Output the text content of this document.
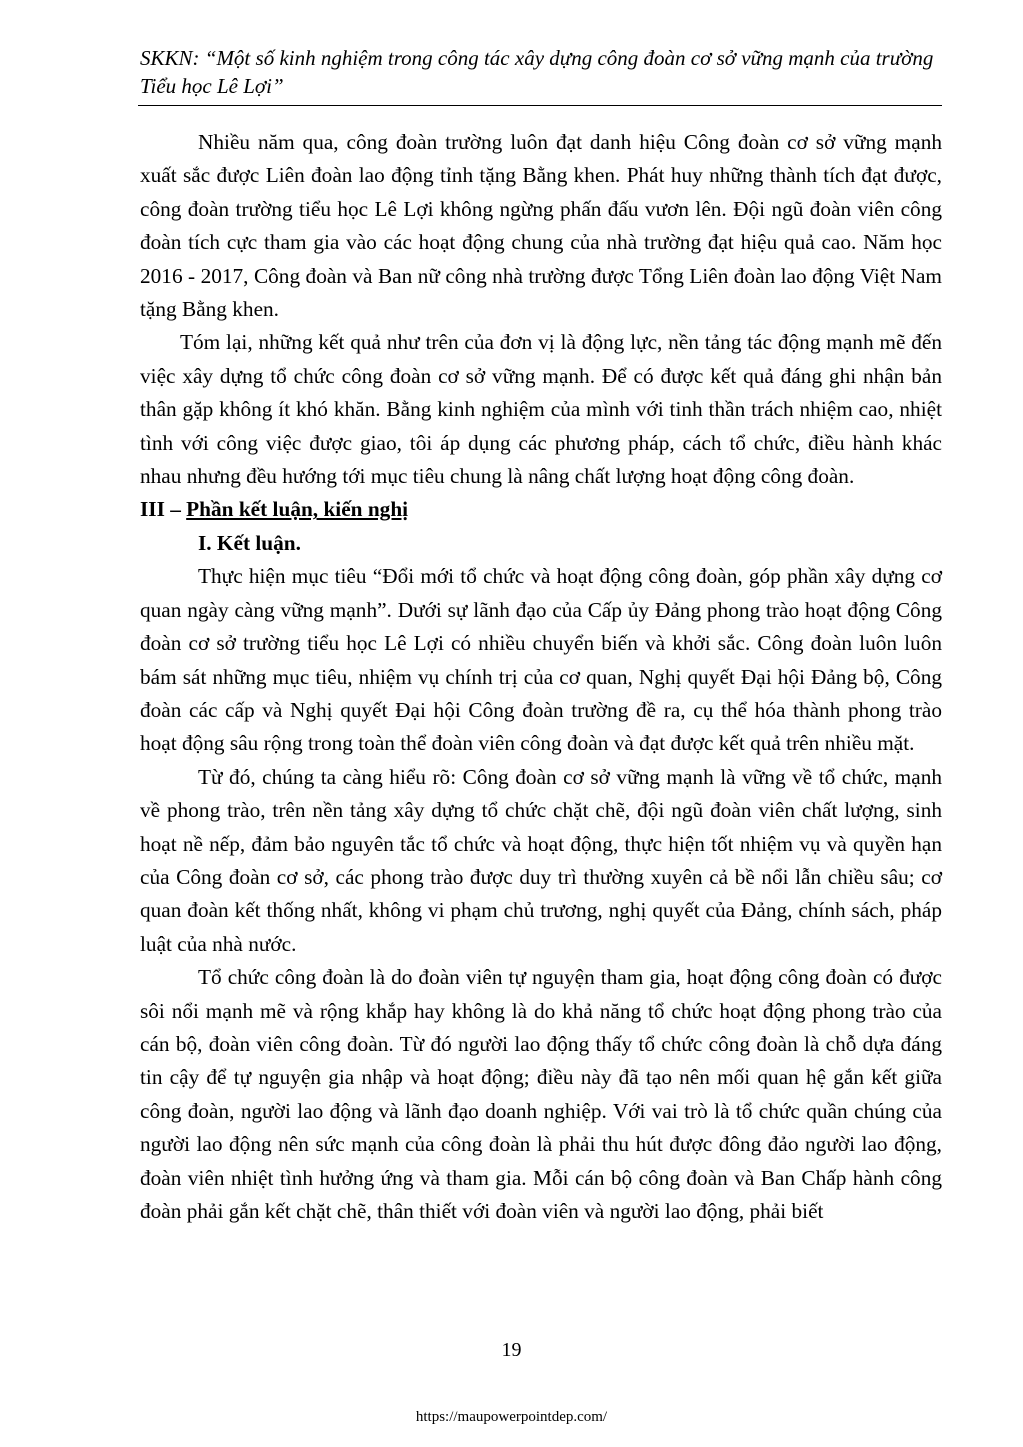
SKKN: “Một số kinh nghiệm trong công tác xây dựng công đoàn cơ sở vững mạnh của trường Tiểu học Lê Lợi”

Nhiều năm qua, công đoàn trường luôn đạt danh hiệu Công đoàn cơ sở vững mạnh xuất sắc được Liên đoàn lao động tỉnh tặng Bằng khen. Phát huy những thành tích đạt được, công đoàn trường tiểu học Lê Lợi không ngừng phấn đấu vươn lên. Đội ngũ đoàn viên công đoàn tích cực tham gia vào các hoạt động chung của nhà trường đạt hiệu quả cao. Năm học 2016 - 2017, Công đoàn và Ban nữ công nhà trường được Tổng Liên đoàn lao động Việt Nam tặng Bằng khen.

Tóm lại, những kết quả như trên của đơn vị là động lực, nền tảng tác động mạnh mẽ đến việc xây dựng tổ chức công đoàn cơ sở vững mạnh. Để có được kết quả đáng ghi nhận bản thân gặp không ít khó khăn. Bằng kinh nghiệm của mình với tinh thần trách nhiệm cao, nhiệt tình với công việc được giao, tôi áp dụng các phương pháp, cách tổ chức, điều hành khác nhau nhưng đều hướng tới mục tiêu chung là nâng chất lượng hoạt động công đoàn.

III – Phần kết luận, kiến nghị

I. Kết luận.

Thực hiện mục tiêu “Đổi mới tổ chức và hoạt động công đoàn, góp phần xây dựng cơ quan ngày càng vững mạnh”. Dưới sự lãnh đạo của Cấp ủy Đảng phong trào hoạt động Công đoàn cơ sở trường tiểu học Lê Lợi có nhiều chuyển biến và khởi sắc. Công đoàn luôn luôn bám sát những mục tiêu, nhiệm vụ chính trị của cơ quan, Nghị quyết Đại hội Đảng bộ, Công đoàn các cấp và Nghị quyết Đại hội Công đoàn trường đề ra, cụ thể hóa thành phong trào hoạt động sâu rộng trong toàn thể đoàn viên công đoàn và đạt được kết quả trên nhiều mặt.

Từ đó, chúng ta càng hiểu rõ: Công đoàn cơ sở vững mạnh là vững về tổ chức, mạnh về phong trào, trên nền tảng xây dựng tổ chức chặt chẽ, đội ngũ đoàn viên chất lượng, sinh hoạt nề nếp, đảm bảo nguyên tắc tổ chức và hoạt động, thực hiện tốt nhiệm vụ và quyền hạn của Công đoàn cơ sở, các phong trào được duy trì thường xuyên cả bề nổi lẫn chiều sâu; cơ quan đoàn kết thống nhất, không vi phạm chủ trương, nghị quyết của Đảng, chính sách, pháp luật của nhà nước.

Tổ chức công đoàn là do đoàn viên tự nguyện tham gia, hoạt động công đoàn có được sôi nổi mạnh mẽ và rộng khắp hay không là do khả năng tổ chức hoạt động phong trào của cán bộ, đoàn viên công đoàn. Từ đó người lao động thấy tổ chức công đoàn là chỗ dựa đáng tin cậy để tự nguyện gia nhập và hoạt động; điều này đã tạo nên mối quan hệ gắn kết giữa công đoàn, người lao động và lãnh đạo doanh nghiệp. Với vai trò là tổ chức quần chúng của người lao động nên sức mạnh của công đoàn là phải thu hút được đông đảo người lao động, đoàn viên nhiệt tình hưởng ứng và tham gia. Mỗi cán bộ công đoàn và Ban Chấp hành công đoàn phải gắn kết chặt chẽ, thân thiết với đoàn viên và người lao động, phải biết

19
https://maupowerpointdep.com/
